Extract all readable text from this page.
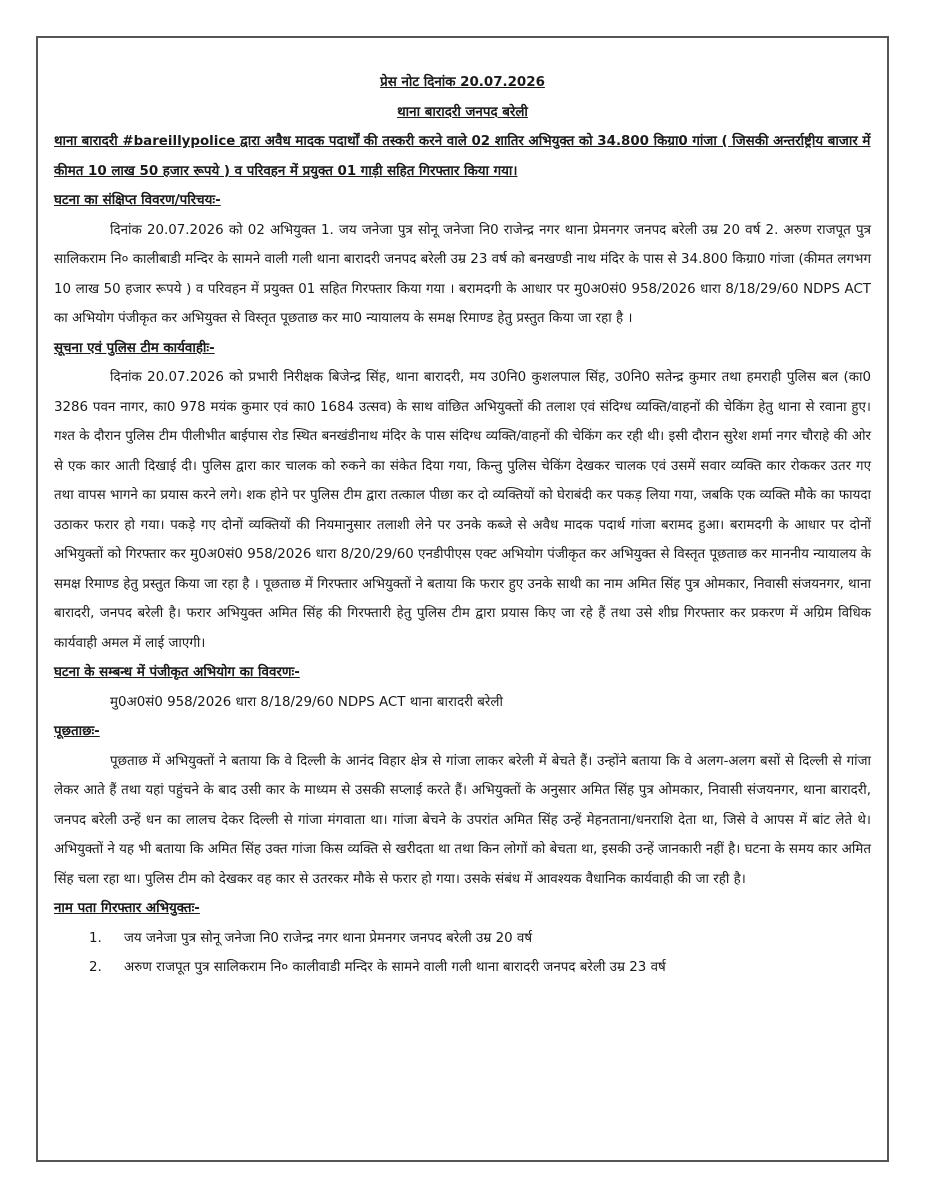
प्रेस नोट दिनांक 20.07.2026

थाना बारादरी जनपद बरेली

थाना बारादरी #bareillypolice द्वारा अवैध मादक पदार्थों की तस्करी करने वाले 02 शातिर अभियुक्त को 34.800 किग्रा0 गांजा ( जिसकी अन्तर्राष्ट्रीय बाजार में कीमत 10 लाख 50 हजार रूपये ) व परिवहन में प्रयुक्त 01 गाड़ी सहित गिरफ्तार किया गया।

घटना का संक्षिप्त विवरण/परिचयः-

दिनांक 20.07.2026 को 02 अभियुक्त 1. जय जनेजा पुत्र सोनू जनेजा नि0 राजेन्द्र नगर थाना प्रेमनगर जनपद बरेली उम्र 20 वर्ष 2. अरुण राजपूत पुत्र सालिकराम नि० कालीबाडी मन्दिर के सामने वाली गली थाना बारादरी जनपद बरेली उम्र 23 वर्ष को बनखण्डी नाथ मंदिर के पास से 34.800 किग्रा0 गांजा (कीमत लगभग 10 लाख 50 हजार रूपये ) व परिवहन में प्रयुक्त 01 सहित गिरफ्तार किया गया । बरामदगी के आधार पर मु0अ0सं0 958/2026 धारा 8/18/29/60 NDPS ACT का अभियोग पंजीकृत कर अभियुक्त से विस्तृत पूछताछ कर मा0 न्यायालय के समक्ष रिमाण्ड हेतु प्रस्तुत किया जा रहा है ।

सूचना एवं पुलिस टीम कार्यवाहीः-

दिनांक 20.07.2026 को प्रभारी निरीक्षक बिजेन्द्र सिंह, थाना बारादरी, मय उ0नि0 कुशलपाल सिंह, उ0नि0 सतेन्द्र कुमार तथा हमराही पुलिस बल (का0 3286 पवन नागर, का0 978 मयंक कुमार एवं का0 1684 उत्सव) के साथ वांछित अभियुक्तों की तलाश एवं संदिग्ध व्यक्ति/वाहनों की चेकिंग हेतु थाना से रवाना हुए। गश्त के दौरान पुलिस टीम पीलीभीत बाईपास रोड स्थित बनखंडीनाथ मंदिर के पास संदिग्ध व्यक्ति/वाहनों की चेकिंग कर रही थी। इसी दौरान सुरेश शर्मा नगर चौराहे की ओर से एक कार आती दिखाई दी। पुलिस द्वारा कार चालक को रुकने का संकेत दिया गया, किन्तु पुलिस चेकिंग देखकर चालक एवं उसमें सवार व्यक्ति कार रोककर उतर गए तथा वापस भागने का प्रयास करने लगे। शक होने पर पुलिस टीम द्वारा तत्काल पीछा कर दो व्यक्तियों को घेराबंदी कर पकड़ लिया गया, जबकि एक व्यक्ति मौके का फायदा उठाकर फरार हो गया। पकड़े गए दोनों व्यक्तियों की नियमानुसार तलाशी लेने पर उनके कब्जे से अवैध मादक पदार्थ गांजा बरामद हुआ। बरामदगी के आधार पर दोनों अभियुक्तों को गिरफ्तार कर मु0अ0सं0 958/2026 धारा 8/20/29/60 एनडीपीएस एक्ट अभियोग पंजीकृत कर अभियुक्त से विस्तृत पूछताछ कर माननीय न्यायालय के समक्ष रिमाण्ड हेतु प्रस्तुत किया जा रहा है । पूछताछ में गिरफ्तार अभियुक्तों ने बताया कि फरार हुए उनके साथी का नाम अमित सिंह पुत्र ओमकार, निवासी संजयनगर, थाना बारादरी, जनपद बरेली है। फरार अभियुक्त अमित सिंह की गिरफ्तारी हेतु पुलिस टीम द्वारा प्रयास किए जा रहे हैं तथा उसे शीघ्र गिरफ्तार कर प्रकरण में अग्रिम विधिक कार्यवाही अमल में लाई जाएगी।

घटना के सम्बन्ध में पंजीकृत अभियोग का विवरणः-

मु0अ0सं0 958/2026 धारा 8/18/29/60 NDPS ACT थाना बारादरी बरेली

पूछताछः-

पूछताछ में अभियुक्तों ने बताया कि वे दिल्ली के आनंद विहार क्षेत्र से गांजा लाकर बरेली में बेचते हैं। उन्होंने बताया कि वे अलग-अलग बसों से दिल्ली से गांजा लेकर आते हैं तथा यहां पहुंचने के बाद उसी कार के माध्यम से उसकी सप्लाई करते हैं। अभियुक्तों के अनुसार अमित सिंह पुत्र ओमकार, निवासी संजयनगर, थाना बारादरी, जनपद बरेली उन्हें धन का लालच देकर दिल्ली से गांजा मंगवाता था। गांजा बेचने के उपरांत अमित सिंह उन्हें मेहनताना/धनराशि देता था, जिसे वे आपस में बांट लेते थे। अभियुक्तों ने यह भी बताया कि अमित सिंह उक्त गांजा किस व्यक्ति से खरीदता था तथा किन लोगों को बेचता था, इसकी उन्हें जानकारी नहीं है। घटना के समय कार अमित सिंह चला रहा था। पुलिस टीम को देखकर वह कार से उतरकर मौके से फरार हो गया। उसके संबंध में आवश्यक वैधानिक कार्यवाही की जा रही है।

नाम पता गिरफ्तार अभियुक्तः-

1. जय जनेजा पुत्र सोनू जनेजा नि0 राजेन्द्र नगर थाना प्रेमनगर जनपद बरेली उम्र 20 वर्ष
2. अरुण राजपूत पुत्र सालिकराम नि० कालीवाडी मन्दिर के सामने वाली गली थाना बारादरी जनपद बरेली उम्र 23 वर्ष
